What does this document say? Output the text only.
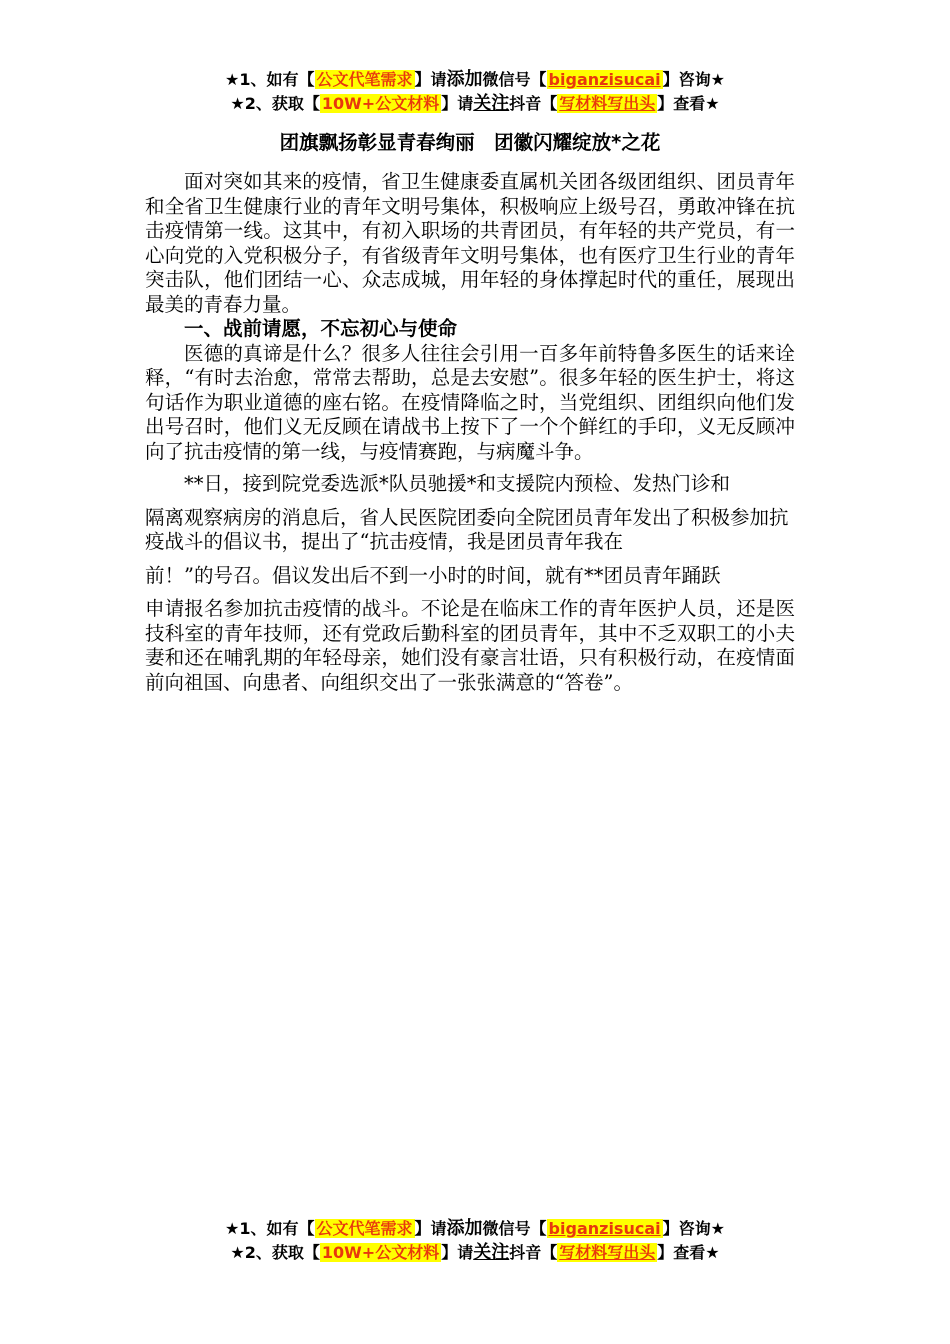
★1、如有【 公文代笔需求 】请添加微信号【 biganzisucai 】咨询★
★2、获取【 10W+公文材料 】请关注抖音【 写材料写出头 】查看★
团旗飘扬彰显青春绚丽　团徽闪耀绽放*之花

面对突如其来的疫情，省卫生健康委直属机关团各级团组织、团员青年和全省卫生健康行业的青年文明号集体，积极响应上级号召，勇敢冲锋在抗击疫情第一线。这其中，有初入职场的共青团员，有年轻的共产党员，有一心向党的入党积极分子，有省级青年文明号集体，也有医疗卫生行业的青年突击队，他们团结一心、众志成城，用年轻的身体撑起时代的重任，展现出最美的青春力量。

一、战前请愿，不忘初心与使命

医德的真谛是什么？很多人往往会引用一百多年前特鲁多医生的话来诠释，“有时去治愈，常常去帮助，总是去安慰”。很多年轻的医生护士，将这句话作为职业道德的座右铭。在疫情降临之时，当党组织、团组织向他们发出号召时，他们义无反顾在请战书上按下了一个个鲜红的手印，义无反顾冲向了抗击疫情的第一线，与疫情赛跑，与病魔斗争。

**日，接到院党委选派*队员驰援*和支援院内预检、发热门诊和

隔离观察病房的消息后，省人民医院团委向全院团员青年发出了积极参加抗疫战斗的倡议书，提出了“抗击疫情，我是团员青年我在

前！”的号召。倡议发出后不到一小时的时间，就有**团员青年踊跃

申请报名参加抗击疫情的战斗。不论是在临床工作的青年医护人员，还是医技科室的青年技师，还有党政后勤科室的团员青年，其中不乏双职工的小夫妻和还在哺乳期的年轻母亲，她们没有豪言壮语，只有积极行动，在疫情面前向祖国、向患者、向组织交出了一张张满意的“答卷”。

★1、如有【 公文代笔需求 】请添加微信号【 biganzisucai 】咨询★
★2、获取【 10W+公文材料 】请关注抖音【 写材料写出头 】查看★
